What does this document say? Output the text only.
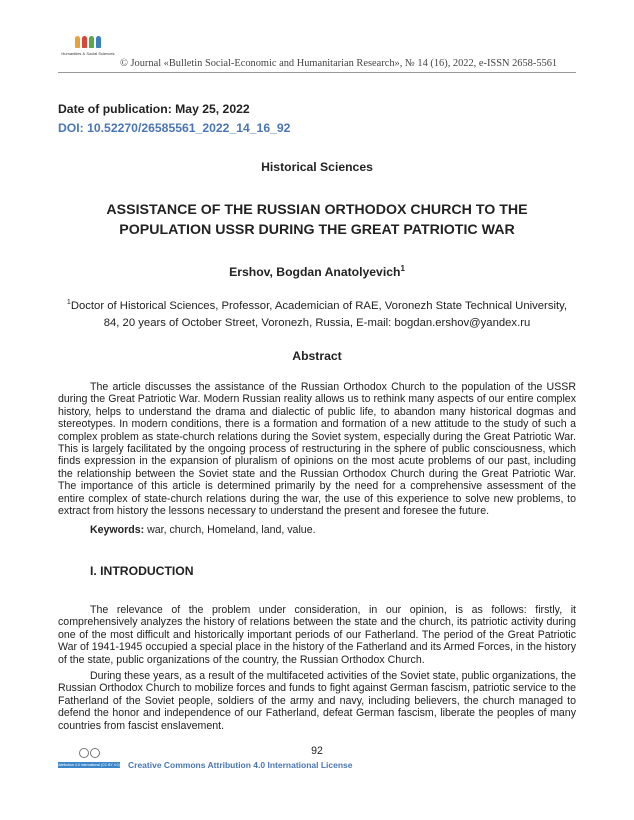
Humanities & Social Sciences
© Journal «Bulletin Social-Economic and Humanitarian Research», № 14 (16), 2022, e-ISSN 2658-5561
Date of publication: May 25, 2022
DOI: 10.52270/26585561_2022_14_16_92
Historical Sciences
ASSISTANCE OF THE RUSSIAN ORTHODOX CHURCH TO THE
POPULATION USSR DURING THE GREAT PATRIOTIC WAR
Ershov, Bogdan Anatolyevich$^1$
$^1$Doctor of Historical Sciences, Professor, Academician of RAE, Voronezh State Technical University, 84, 20 years of October Street, Voronezh, Russia, E-mail: bogdan.ershov@yandex.ru
Abstract
The article discusses the assistance of the Russian Orthodox Church to the population of the USSR during the Great Patriotic War. Modern Russian reality allows us to rethink many aspects of our entire complex history, helps to understand the drama and dialectic of public life, to abandon many historical dogmas and stereotypes. In modern conditions, there is a formation and formation of a new attitude to the study of such a complex problem as state-church relations during the Soviet system, especially during the Great Patriotic War. This is largely facilitated by the ongoing process of restructuring in the sphere of public consciousness, which finds expression in the expansion of pluralism of opinions on the most acute problems of our past, including the relationship between the Soviet state and the Russian Orthodox Church during the Great Patriotic War. The importance of this article is determined primarily by the need for a comprehensive assessment of the entire complex of state-church relations during the war, the use of this experience to solve new problems, to extract from history the lessons necessary to understand the present and foresee the future.
Keywords: war, church, Homeland, land, value.
I. INTRODUCTION
The relevance of the problem under consideration, in our opinion, is as follows: firstly, it comprehensively analyzes the history of relations between the state and the church, its patriotic activity during one of the most difficult and historically important periods of our Fatherland. The period of the Great Patriotic War of 1941-1945 occupied a special place in the history of the Fatherland and its Armed Forces, in the history of the state, public organizations of the country, the Russian Orthodox Church.
During these years, as a result of the multifaceted activities of the Soviet state, public organizations, the Russian Orthodox Church to mobilize forces and funds to fight against German fascism, patriotic service to the Fatherland of the Soviet people, soldiers of the army and navy, including believers, the church managed to defend the honor and independence of our Fatherland, defeat German fascism, liberate the peoples of many countries from fascist enslavement.
92
Attribution 4.0 International (CC BY 4.0) Creative Commons Attribution 4.0 International License
